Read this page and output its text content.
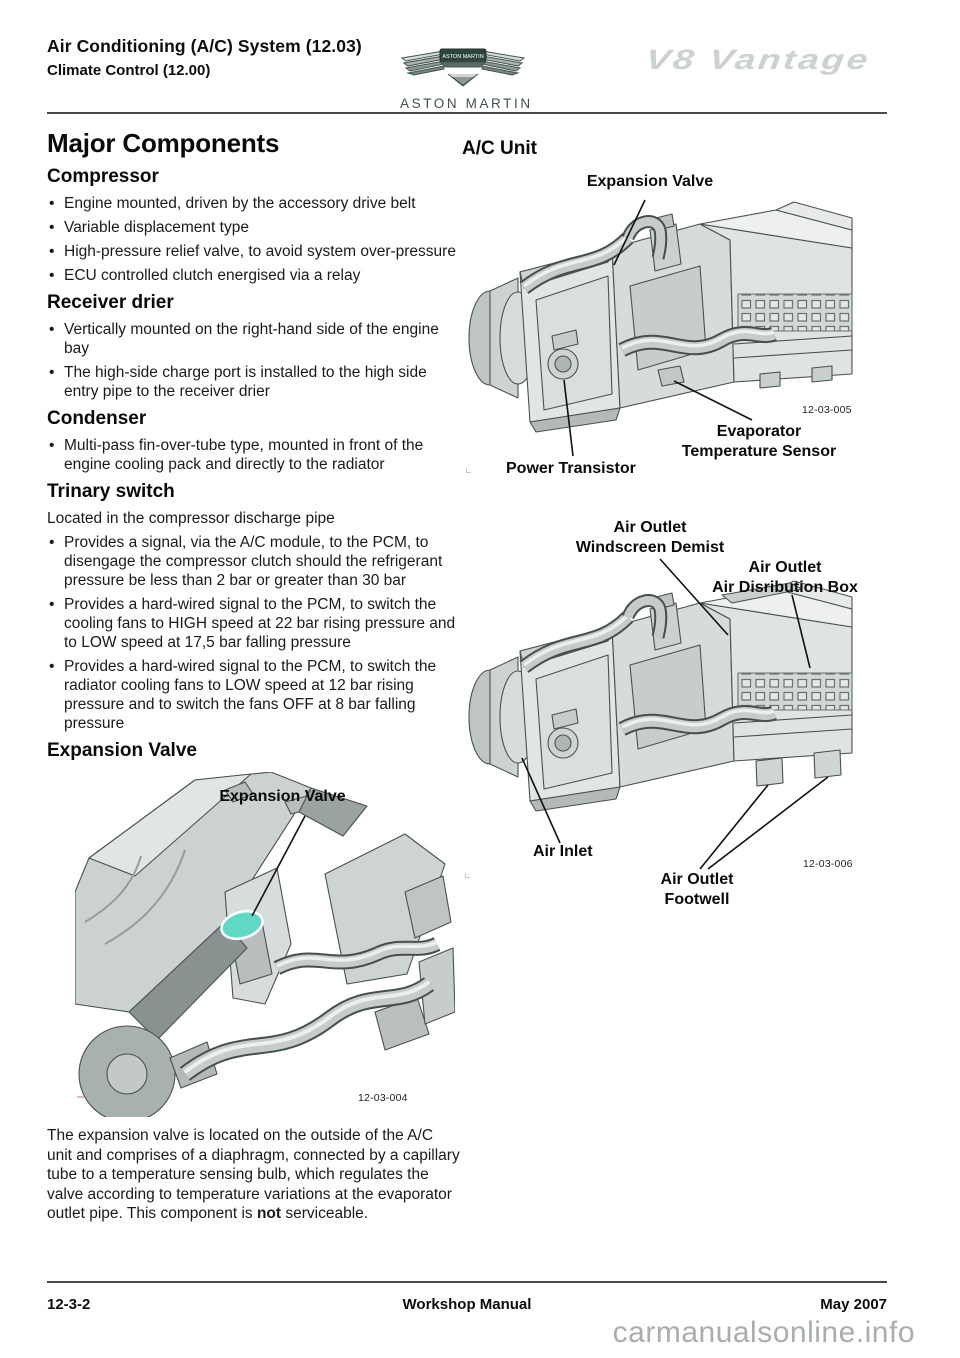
Air Conditioning (A/C) System (12.03)
Climate Control (12.00)
ASTON MARTIN
ASTON MARTIN
V8 Vantage
Major Components
Compressor
• Engine mounted, driven by the accessory drive belt
• Variable displacement type
• High-pressure relief valve, to avoid system over-pressure
• ECU controlled clutch energised via a relay
Receiver drier
• Vertically mounted on the right-hand side of the engine bay
• The high-side charge port is installed to the high side entry pipe to the receiver drier
Condenser
• Multi-pass fin-over-tube type, mounted in front of the engine cooling pack and directly to the radiator
Trinary switch
Located in the compressor discharge pipe
• Provides a signal, via the A/C module, to the PCM, to disengage the compressor clutch should the refrigerant pressure be less than 2 bar or greater than 30 bar
• Provides a hard-wired signal to the PCM, to switch the cooling fans to HIGH speed at 22 bar rising pressure and to LOW speed at 17,5 bar falling pressure
• Provides a hard-wired signal to the PCM, to switch the radiator cooling fans to LOW speed at 12 bar rising pressure and to switch the fans OFF at 8 bar falling pressure
Expansion Valve
Expansion Valve
12-03-004
The expansion valve is located on the outside of the A/C unit and comprises of a diaphragm, connected by a capillary tube to a temperature sensing bulb, which regulates the valve according to temperature variations at the evaporator outlet pipe. This component is not serviceable.
A/C Unit
Expansion Valve
12-03-005
Evaporator
Temperature Sensor
Power Transistor
Air Outlet
Windscreen Demist
Air Outlet
Air Disribution Box
Air Inlet
12-03-006
Air Outlet
Footwell
12-3-2	Workshop Manual	May 2007
carmanualsonline.info
